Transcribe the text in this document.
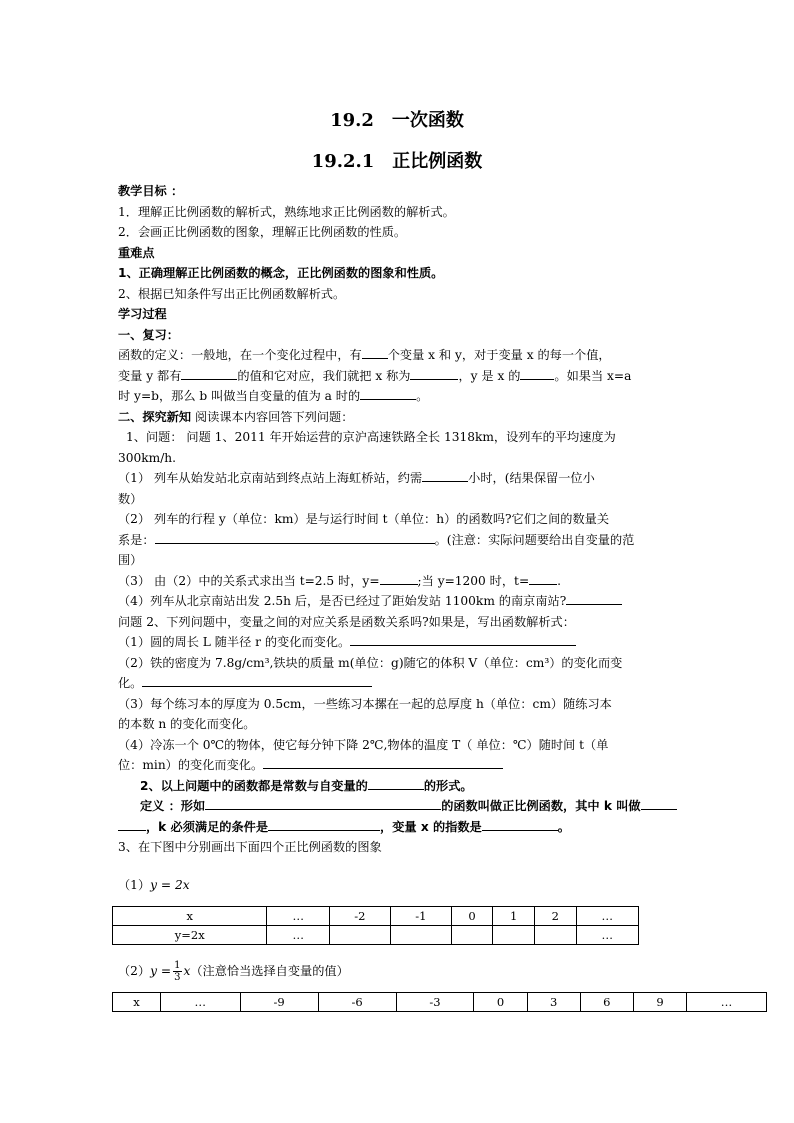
19.2　一次函数
19.2.1　正比例函数
教学目标 ：
1．理解正比例函数的解析式，熟练地求正比例函数的解析式。
2．会画正比例函数的图象，理解正比例函数的性质。
重难点
1、正确理解正比例函数的概念，正比例函数的图象和性质。
2、根据已知条件写出正比例函数解析式。
学习过程
一、复习：
函数的定义：一般地，在一个变化过程中，有 个变量 x 和 y，对于变量 x 的每一个值，
变量 y 都有	的值和它对应，我们就把 x 称为	，y 是 x 的	。如果当 x=a
时 y=b，那么 b 叫做当自变量的值为 a 时的	。
二、探究新知 阅读课本内容回答下列问题：
1、问题： 问题 1、2011 年开始运营的京沪高速铁路全长 1318km，设列车的平均速度为
300km/h.
（1） 列车从始发站北京南站到终点站上海虹桥站，约需	小时，(结果保留一位小
数）
（2） 列车的行程 y（单位：km）是与运行时间 t（单位：h）的函数吗?它们之间的数量关
系是：	。(注意：实际问题要给出自变量的范
围）
（3） 由（2）中的关系式求出当 t=2.5 时，y=	;当 y=1200 时，t= .
（4）列车从北京南站出发 2.5h 后，是否已经过了距始发站 1100km 的南京南站?
问题 2、下列问题中，变量之间的对应关系是函数关系吗?如果是，写出函数解析式：
（1）圆的周长 L 随半径 r 的变化而变化。
（2）铁的密度为 7.8g/cm³,铁块的质量 m(单位：g)随它的体积 V（单位：cm³）的变化而变
化。
（3）每个练习本的厚度为 0.5cm，一些练习本摞在一起的总厚度 h（单位：cm）随练习本
的本数 n 的变化而变化。
（4）冷冻一个 0℃的物体，使它每分钟下降 2℃,物体的温度 T（ 单位：℃）随时间 t（单
位：min）的变化而变化。
2、以上问题中的函数都是常数与自变量的	的形式。
定义 ：形如	的函数叫做正比例函数，其中 k 叫做
，k 必须满足的条件是	，变量 x 的指数是	。
3、在下图中分别画出下面四个正比例函数的图象
（1）y = 2x
x	…	-2	-1	0	1	2	…
y=2x	…						…
$(2)y = \frac{1}{3} x$（注意恰当选择自变量的值）
x	…	-9	-6	-3	0	3	6	9	…
